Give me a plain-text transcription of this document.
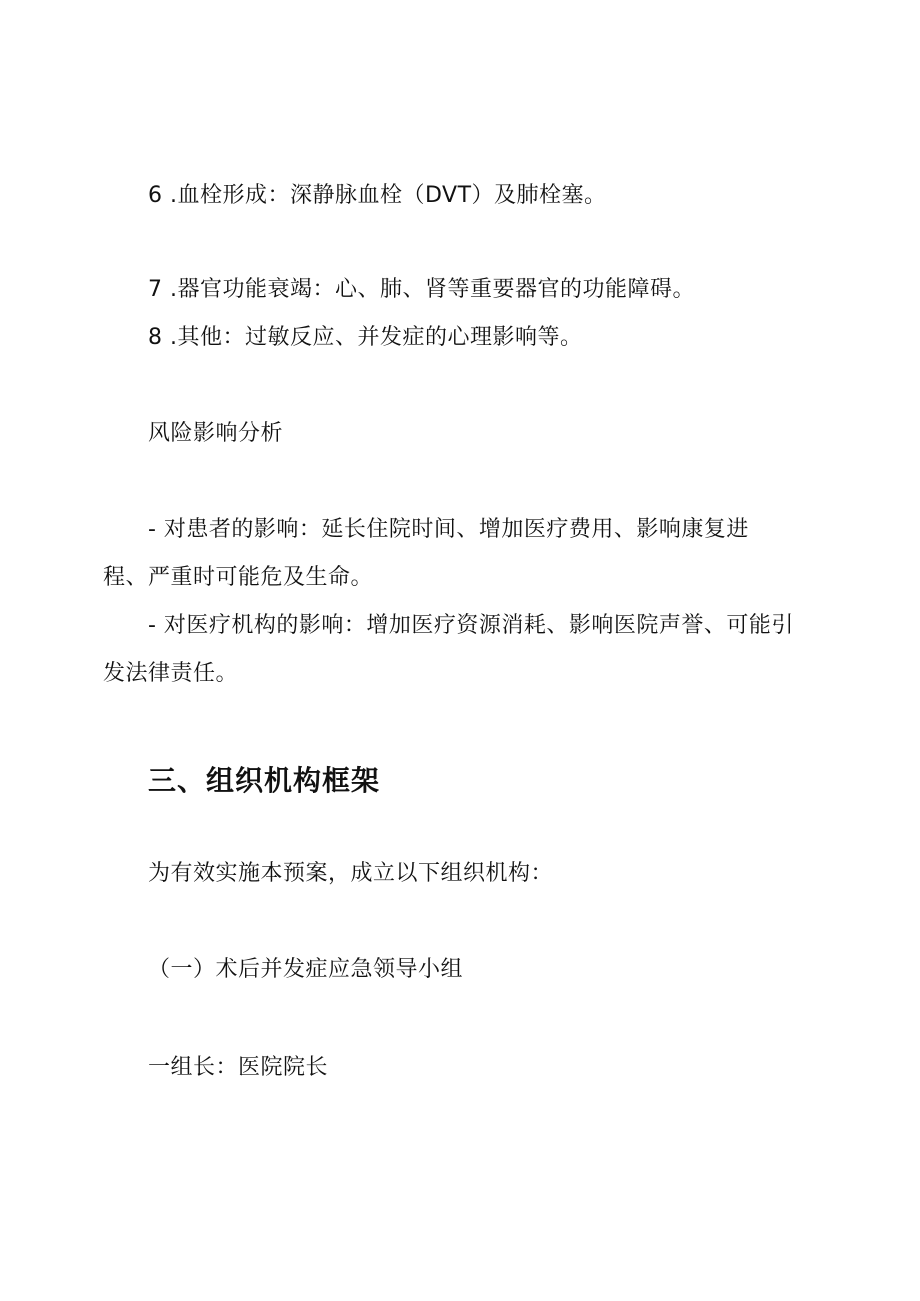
6 .血栓形成：深静脉血栓（DVT）及肺栓塞。
7 .器官功能衰竭：心、肺、肾等重要器官的功能障碍。
8 .其他：过敏反应、并发症的心理影响等。
风险影响分析
- 对患者的影响：延长住院时间、增加医疗费用、影响康复进
程、严重时可能危及生命。
- 对医疗机构的影响：增加医疗资源消耗、影响医院声誉、可能引
发法律责任。
三、组织机构框架
为有效实施本预案，成立以下组织机构：
（一）术后并发症应急领导小组
一组长：医院院长
